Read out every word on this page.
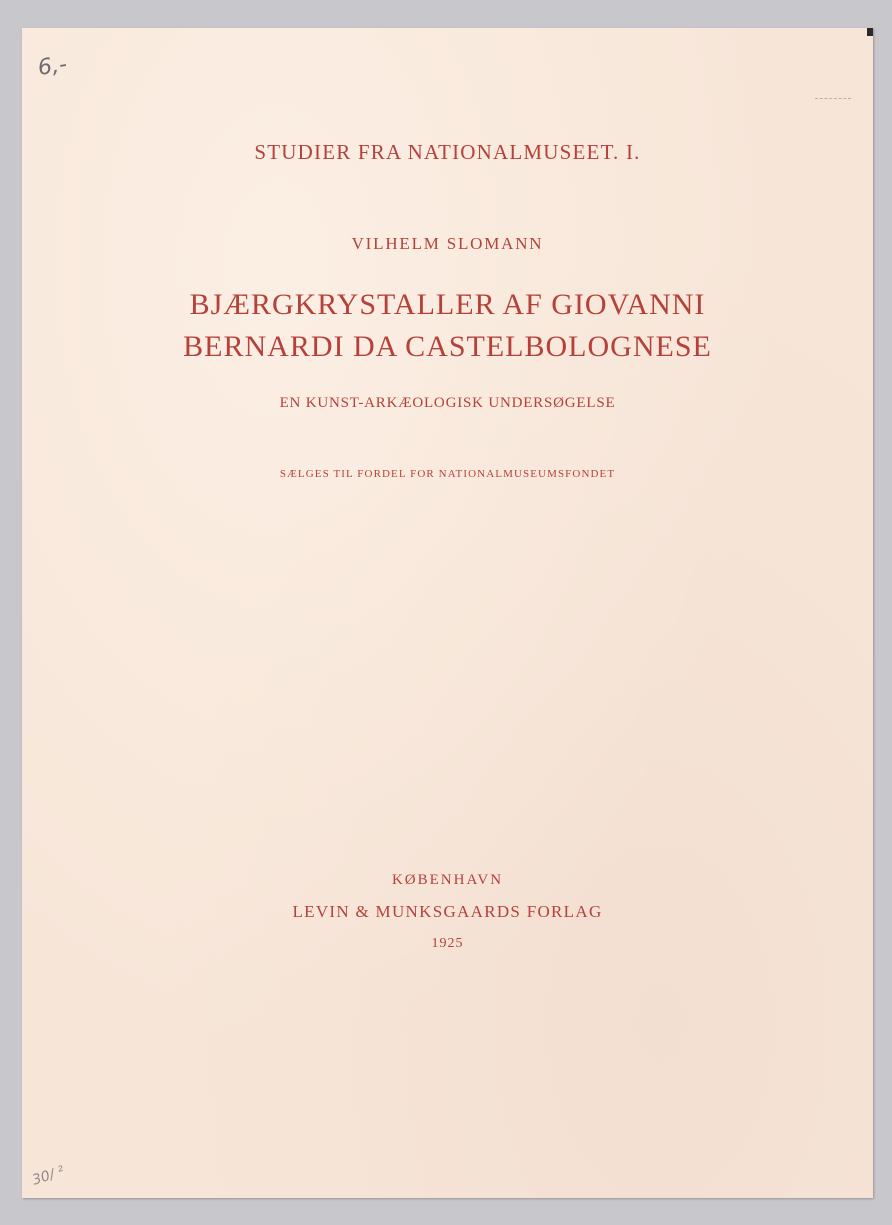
6,-

STUDIER FRA NATIONALMUSEET. I.

VILHELM SLOMANN

BJÆRGKRYSTALLER AF GIOVANNI
BERNARDI DA CASTELBOLOGNESE

EN KUNST-ARKÆOLOGISK UNDERSØGELSE

SÆLGES TIL FORDEL FOR NATIONALMUSEUMSFONDET

KØBENHAVN

LEVIN & MUNKSGAARDS FORLAG

1925

30/ ²
